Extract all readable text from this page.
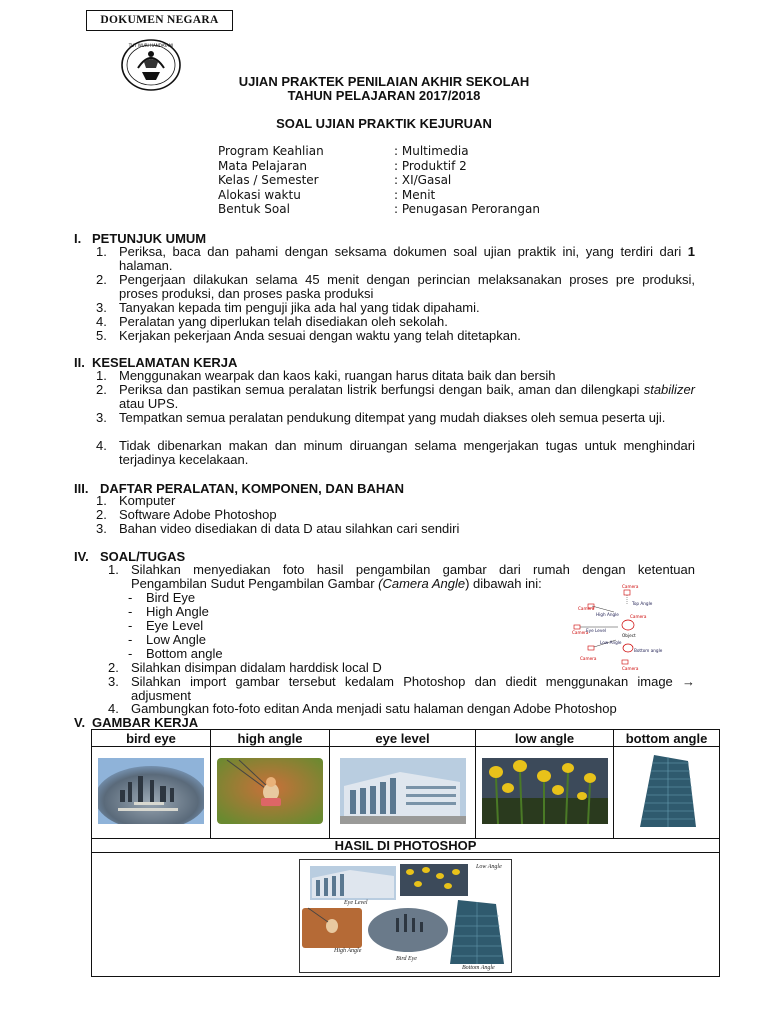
DOKUMEN NEGARA
TUT WURI HANDAYANI
UJIAN PRAKTEK PENILAIAN AKHIR SEKOLAH
TAHUN PELAJARAN 2017/2018
SOAL UJIAN PRAKTIK KEJURUAN
Program Keahlian	: Multimedia
Mata Pelajaran	: Produktif 2
Kelas / Semester	: XI/Gasal
Alokasi waktu	: Menit
Bentuk Soal	: Penugasan Perorangan
I. PETUNJUK UMUM
1. Periksa, baca dan pahami dengan seksama dokumen soal ujian praktik ini, yang terdiri dari 1 halaman.
2. Pengerjaan dilakukan selama 45 menit dengan perincian melaksanakan proses pre produksi, proses produksi, dan proses paska produksi
3. Tanyakan kepada tim penguji jika ada hal yang tidak dipahami.
4. Peralatan yang diperlukan telah disediakan oleh sekolah.
5. Kerjakan pekerjaan Anda sesuai dengan waktu yang telah ditetapkan.
II. KESELAMATAN KERJA
1. Menggunakan wearpak dan kaos kaki, ruangan harus ditata baik dan bersih
2. Periksa dan pastikan semua peralatan listrik berfungsi dengan baik, aman dan dilengkapi stabilizer atau UPS.
3. Tempatkan semua peralatan pendukung ditempat yang mudah diakses oleh semua peserta uji.
4. Tidak dibenarkan makan dan minum diruangan selama mengerjakan tugas untuk menghindari terjadinya kecelakaan.
III. DAFTAR PERALATAN, KOMPONEN, DAN BAHAN
1. Komputer
2. Software Adobe Photoshop
3. Bahan video disediakan di data D atau silahkan cari sendiri
IV. SOAL/TUGAS
1. Silahkan menyediakan foto hasil pengambilan gambar dari rumah dengan ketentuan Pengambilan Sudut Pengambilan Gambar (Camera Angle) dibawah ini:
- Bird Eye
- High Angle
- Eye Level
- Low Angle
- Bottom angle
2. Silahkan disimpan didalam harddisk local D
3. Silahkan import gambar tersebut kedalam Photoshop dan diedit menggunakan image → adjusment
4. Gambungkan foto-foto editan Anda menjadi satu halaman dengan Adobe Photoshop
Camera
Top Angle
Camera
High Angle
Camera
Eye Level
Object
Camera
Low Angle
Bottom angle
Camera
Camera
V. GAMBAR KERJA
bird eye	high angle	eye level	low angle	bottom angle

HASIL DI PHOTOSHOP				

Low Angle
Eye Level
High Angle
Bird Eye
Bottom Angle				
